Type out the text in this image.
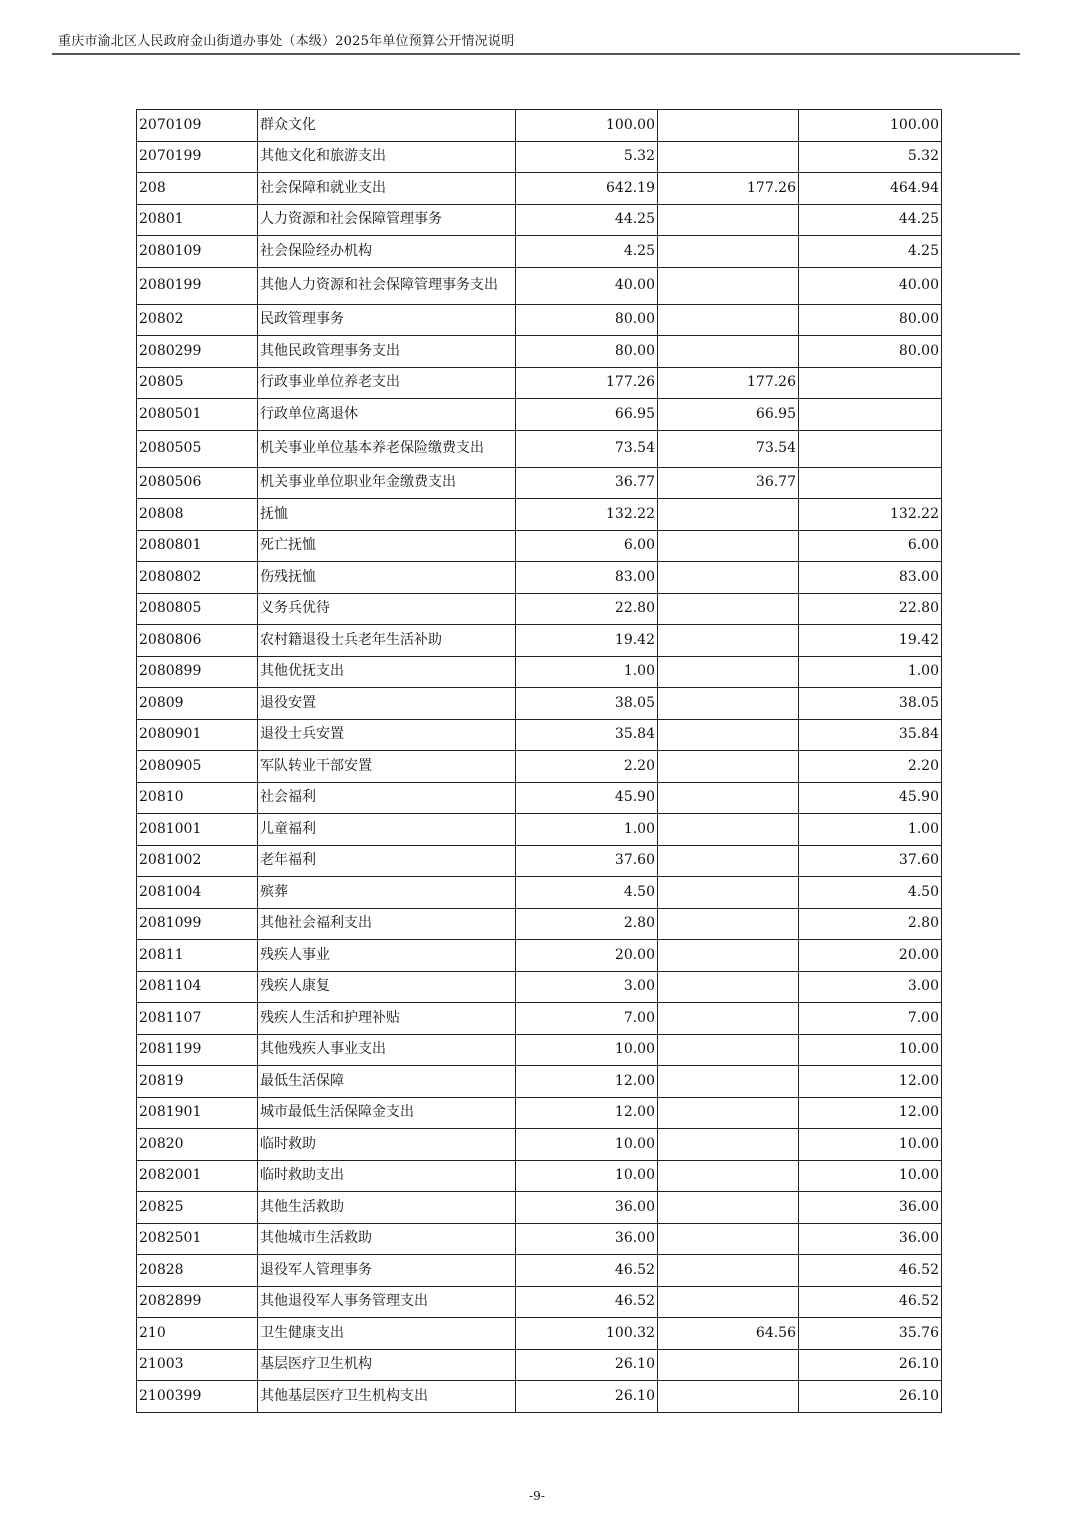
重庆市渝北区人民政府金山街道办事处（本级）2025年单位预算公开情况说明
2070109	群众文化	100.00		100.00
2070199	其他文化和旅游支出	5.32		5.32
208	社会保障和就业支出	642.19	177.26	464.94
20801	人力资源和社会保障管理事务	44.25		44.25
2080109	社会保险经办机构	4.25		4.25
2080199	其他人力资源和社会保障管理事务支出	40.00		40.00
20802	民政管理事务	80.00		80.00
2080299	其他民政管理事务支出	80.00		80.00
20805	行政事业单位养老支出	177.26	177.26	
2080501	行政单位离退休	66.95	66.95	
2080505	机关事业单位基本养老保险缴费支出	73.54	73.54	
2080506	机关事业单位职业年金缴费支出	36.77	36.77	
20808	抚恤	132.22		132.22
2080801	死亡抚恤	6.00		6.00
2080802	伤残抚恤	83.00		83.00
2080805	义务兵优待	22.80		22.80
2080806	农村籍退役士兵老年生活补助	19.42		19.42
2080899	其他优抚支出	1.00		1.00
20809	退役安置	38.05		38.05
2080901	退役士兵安置	35.84		35.84
2080905	军队转业干部安置	2.20		2.20
20810	社会福利	45.90		45.90
2081001	儿童福利	1.00		1.00
2081002	老年福利	37.60		37.60
2081004	殡葬	4.50		4.50
2081099	其他社会福利支出	2.80		2.80
20811	残疾人事业	20.00		20.00
2081104	残疾人康复	3.00		3.00
2081107	残疾人生活和护理补贴	7.00		7.00
2081199	其他残疾人事业支出	10.00		10.00
20819	最低生活保障	12.00		12.00
2081901	城市最低生活保障金支出	12.00		12.00
20820	临时救助	10.00		10.00
2082001	临时救助支出	10.00		10.00
20825	其他生活救助	36.00		36.00
2082501	其他城市生活救助	36.00		36.00
20828	退役军人管理事务	46.52		46.52
2082899	其他退役军人事务管理支出	46.52		46.52
210	卫生健康支出	100.32	64.56	35.76
21003	基层医疗卫生机构	26.10		26.10
2100399	其他基层医疗卫生机构支出	26.10		26.10
-9-
